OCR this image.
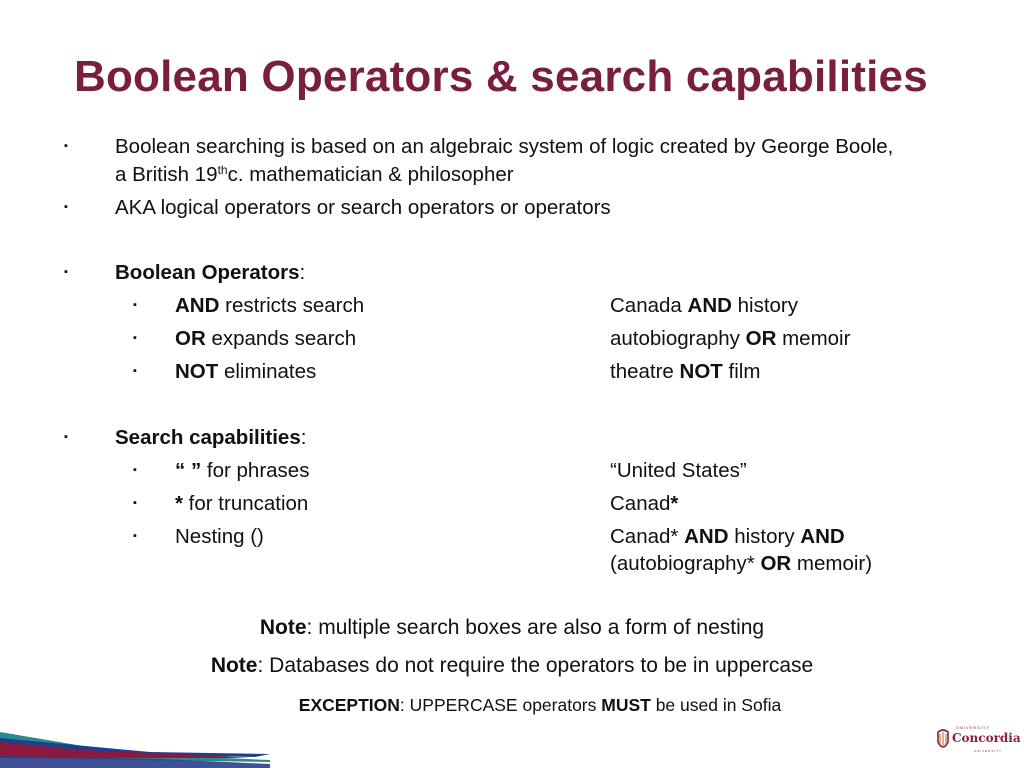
Boolean Operators & search capabilities
▪ Boolean searching is based on an algebraic system of logic created by George Boole,
a British 19thc. mathematician & philosopher
▪ AKA logical operators or search operators or operators
▪ Boolean Operators:
▪ AND restricts search	Canada AND history
▪ OR expands search	autobiography OR memoir
▪ NOT eliminates	theatre NOT film
▪ Search capabilities:
▪ “ ” for phrases	“United States”
▪ * for truncation	Canad*
▪ Nesting ()	Canad* AND history AND
(autobiography* OR memoir)
Note: multiple search boxes are also a form of nesting
Note: Databases do not require the operators to be in uppercase
EXCEPTION: UPPERCASE operators MUST be used in Sofia
UNIVERSITY
Concordia
UNIVERSITY
